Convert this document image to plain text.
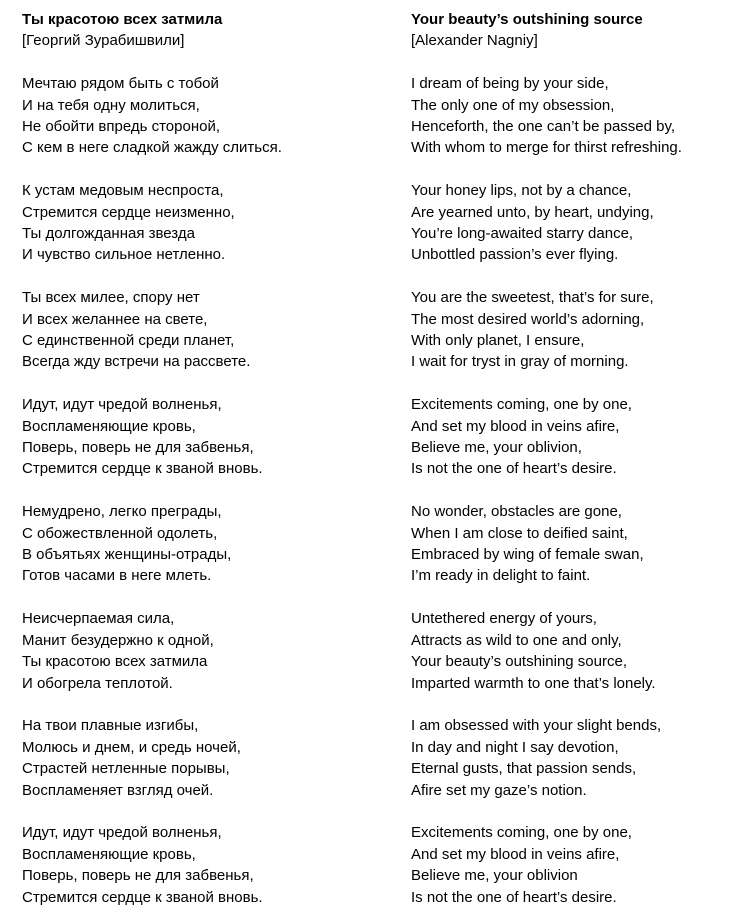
Ты красотою всех затмила
[Георгий Зурабишвили]
Мечтаю рядом быть с тобой
И на тебя одну молиться,
Не обойти впредь стороной,
С кем в неге сладкой жажду слиться.
К устам медовым неспроста,
Стремится сердце неизменно,
Ты долгожданная звезда
И чувство сильное нетленно.
Ты всех милее, спору нет
И всех желаннее на свете,
С единственной среди планет,
Всегда жду встречи на рассвете.
Идут, идут чредой волненья,
Воспламеняющие кровь,
Поверь, поверь не для забвенья,
Стремится сердце к званой вновь.
Немудрено, легко преграды,
С обожествленной одолеть,
В объятьях женщины-отрады,
Готов часами в неге млеть.
Неисчерпаемая сила,
Манит безудержно к одной,
Ты красотою всех затмила
И обогрела теплотой.
На твои плавные изгибы,
Молюсь и днем, и средь ночей,
Страстей нетленные порывы,
Воспламеняет взгляд очей.
Идут, идут чредой волненья,
Воспламеняющие кровь,
Поверь, поверь не для забвенья,
Стремится сердце к званой вновь.
Your beauty’s outshining source
[Alexander Nagniy]
I dream of being by your side,
The only one of my obsession,
Henceforth, the one can’t be passed by,
With whom to merge for thirst refreshing.
Your honey lips, not by a chance,
Are yearned unto, by heart, undying,
You’re long-awaited starry dance,
Unbottled passion’s ever flying.
You are the sweetest, that’s for sure,
The most desired world’s adorning,
With only planet, I ensure,
I wait for tryst in gray of morning.
Excitements coming, one by one,
And set my blood in veins afire,
Believe me, your oblivion,
Is not the one of heart’s desire.
No wonder, obstacles are gone,
When I am close to deified saint,
Embraced by wing of female swan,
I’m ready in delight to faint.
Untethered energy of yours,
Attracts as wild to one and only,
Your beauty’s outshining source,
Imparted warmth to one that’s lonely.
I am obsessed with your slight bends,
In day and night I say devotion,
Eternal gusts, that passion sends,
Afire set my gaze’s notion.
Excitements coming, one by one,
And set my blood in veins afire,
Believe me, your oblivion
Is not the one of heart’s desire.
